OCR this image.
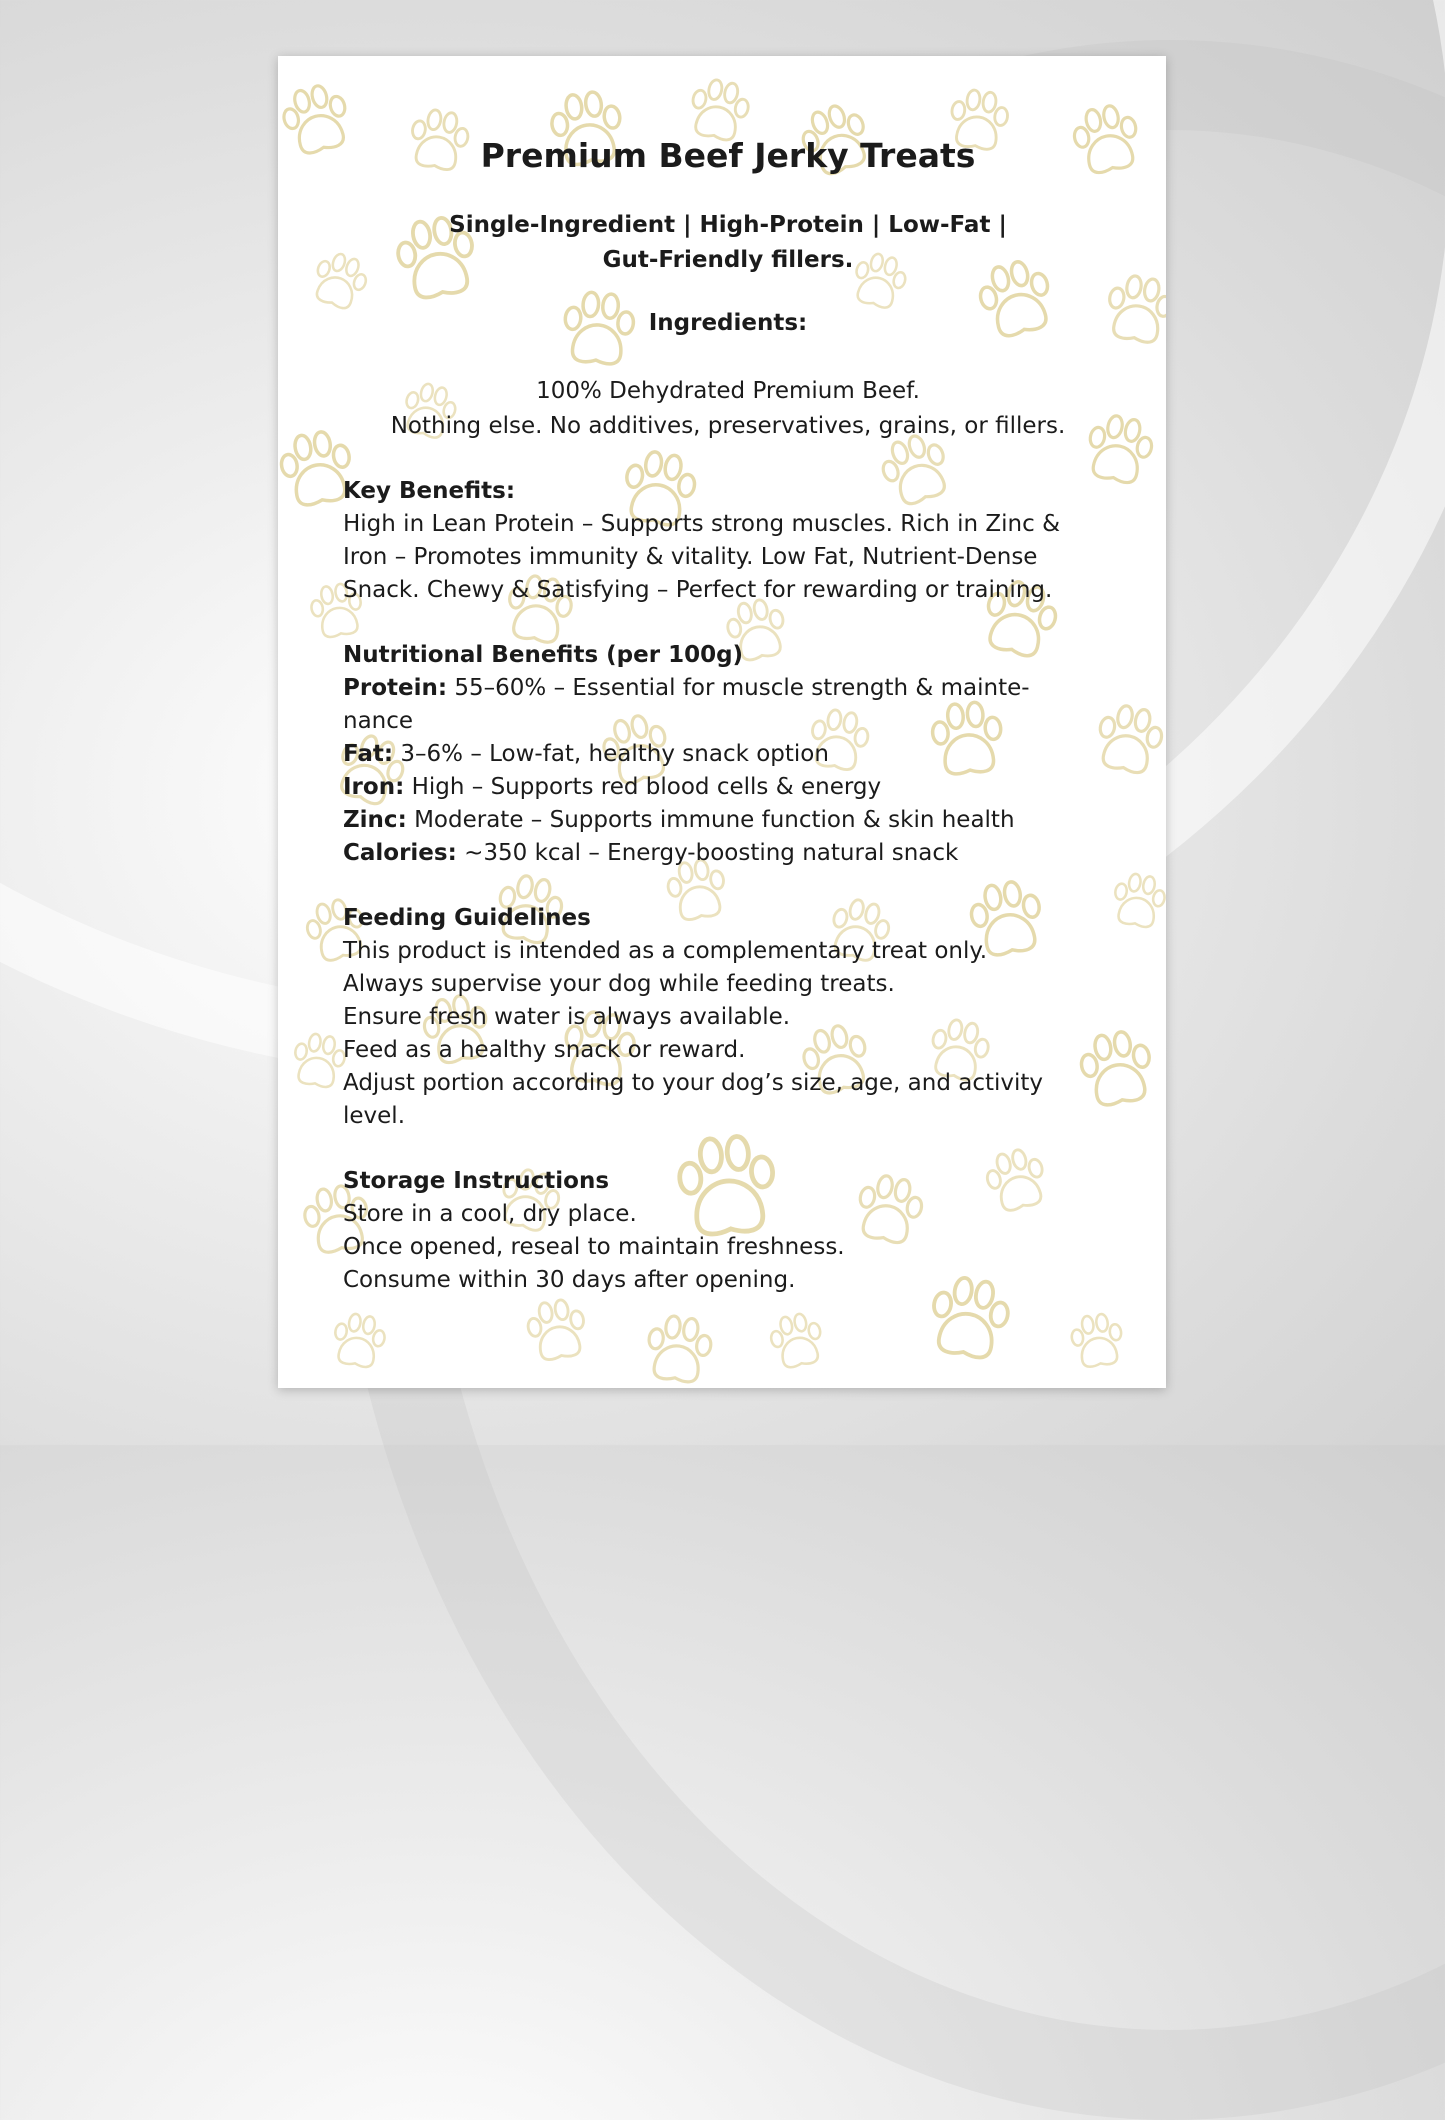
Premium Beef Jerky Treats
Single-Ingredient | High-Protein | Low-Fat |
Gut-Friendly fillers.
Ingredients:

100% Dehydrated Premium Beef.

Nothing else. No additives, preservatives, grains, or fillers.

Key Benefits:

High in Lean Protein – Supports strong muscles. Rich in Zinc &

Iron – Promotes immunity & vitality. Low Fat, Nutrient-Dense

Snack. Chewy & Satisfying – Perfect for rewarding or training.

Nutritional Benefits (per 100g)

Protein: 55–60% – Essential for muscle strength & mainte-

nance

Fat: 3–6% – Low-fat, healthy snack option

Iron: High – Supports red blood cells & energy

Zinc: Moderate – Supports immune function & skin health

Calories: ~350 kcal – Energy-boosting natural snack

Feeding Guidelines

This product is intended as a complementary treat only.

Always supervise your dog while feeding treats.

Ensure fresh water is always available.

Feed as a healthy snack or reward.

Adjust portion according to your dog’s size, age, and activity

level.

Storage Instructions

Store in a cool, dry place.

Once opened, reseal to maintain freshness.

Consume within 30 days after opening.
